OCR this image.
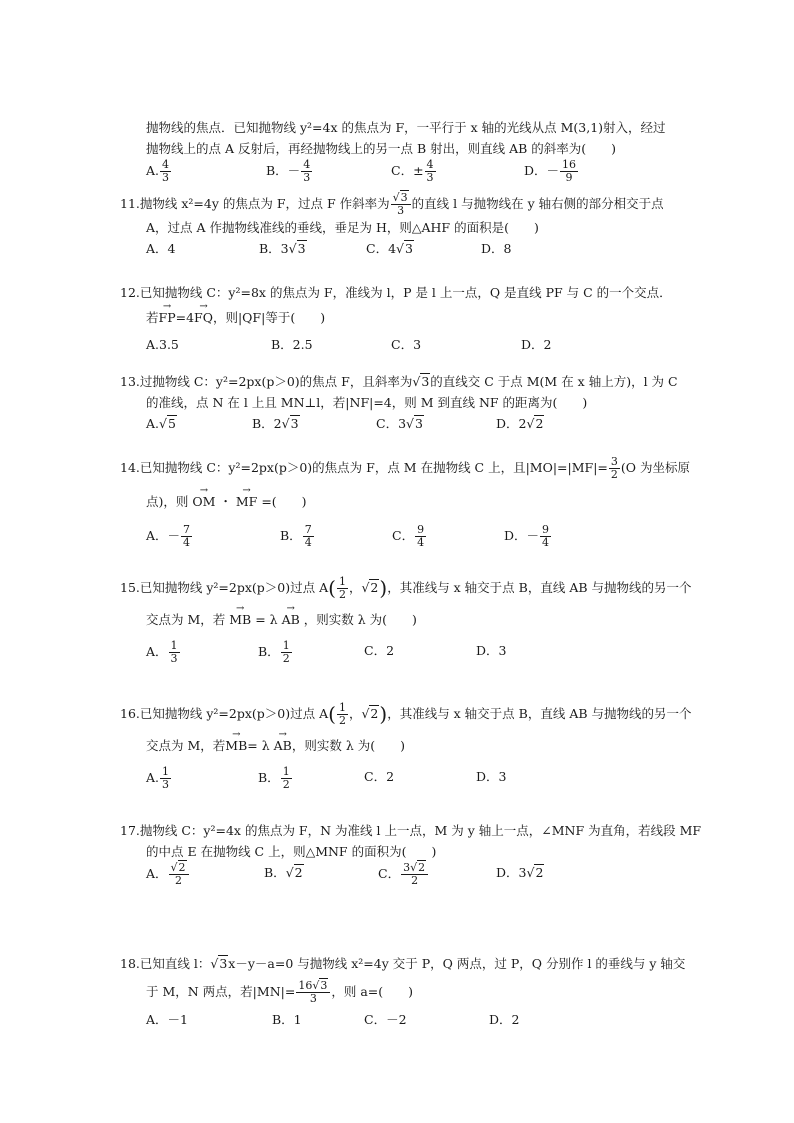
抛物线的焦点．已知抛物线 y²=4x 的焦点为 F，一平行于 x 轴的光线从点 M(3,1)射入，经过
抛物线上的点 A 反射后，再经抛物线上的另一点 B 射出，则直线 AB 的斜率为(　　)
A. $\frac{4}{3}$	B．－ $\frac{4}{3}$	C．± $\frac{4}{3}$	D．－ $\frac{16}{9}$
11.抛物线 x²=4y 的焦点为 F，过点 F 作斜率为 $\frac{√3}{3}$ 的直线 l 与抛物线在 y 轴右侧的部分相交于点
A，过点 A 作抛物线准线的垂线，垂足为 H，则△AHF 的面积是(　　)
A．4	B．3√3	C．4√3	D．8
12.已知抛物线 C：y²=8x 的焦点为 F，准线为 l，P 是 l 上一点，Q 是直线 PF 与 C 的一个交点．
若→ FP=4→ FQ，则|QF|等于(　　)
A.3.5	B．2.5	C．3	D．2
13.过抛物线 C：y²=2px(p＞0)的焦点 F，且斜率为√3的直线交 C 于点 M(M 在 x 轴上方)，l 为 C
的准线，点 N 在 l 上且 MN⊥l，若|NF|=4，则 M 到直线 NF 的距离为(　　)
A.√5	B．2√3	C．3√3	D．2√2
14.已知抛物线 C：y²=2px(p＞0)的焦点为 F，点 M 在抛物线 C 上，且$|MO|=|MF|= \frac{3}{2} (O$ 为坐标原
点)，则 → OM ・ → MF =(　　)
A．－ $\frac{7}{4}$	B． $\frac{7}{4}$	C． $\frac{9}{4}$	D．－ $\frac{9}{4}$
15.已知抛物线 y²=2px(p＞0)过点 $A( \frac{1}{2}$ ，√2)，其准线与 x 轴交于点 B，直线 AB 与抛物线的另一个
交点为 M，若 → MB = λ → AB ，则实数 λ 为(　　)
A． $\frac{1}{3}$	B． $\frac{1}{2}$	C．2	D．3
16.已知抛物线 y²=2px(p＞0)过点 $A( \frac{1}{2}$ ，√2)，其准线与 x 轴交于点 B，直线 AB 与抛物线的另一个
交点为 M，若→ MB= λ → AB，则实数 λ 为(　　)
A. $\frac{1}{3}$	B． $\frac{1}{2}$	C．2	D．3
17.抛物线 C：y²=4x 的焦点为 F，N 为准线 l 上一点，M 为 y 轴上一点，∠MNF 为直角，若线段 MF
的中点 E 在抛物线 C 上，则△MNF 的面积为(　　)
A． $\frac{√2}{2}$	B．√2	C． $\frac{3√2}{2}$	D．3√2
18.已知直线 l：√3x－y－a=0 与抛物线 x²=4y 交于 P，Q 两点，过 P，Q 分别作 l 的垂线与 y 轴交
于 M，N 两点，若$|MN|= \frac{16√3}{3}$ ，则 a=(　　)
A．－1	B．1	C．－2	D．2
